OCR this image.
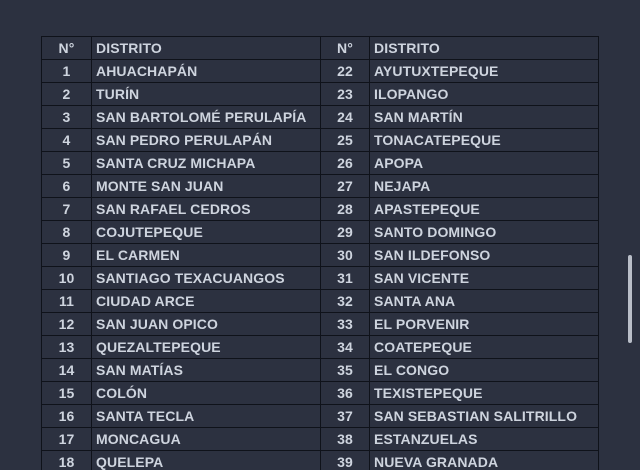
N°	DISTRITO	N°	DISTRITO
1	AHUACHAPÁN	22	AYUTUXTEPEQUE
2	TURÍN	23	ILOPANGO
3	SAN BARTOLOMÉ PERULAPÍA	24	SAN MARTÍN
4	SAN PEDRO PERULAPÁN	25	TONACATEPEQUE
5	SANTA CRUZ MICHAPA	26	APOPA
6	MONTE SAN JUAN	27	NEJAPA
7	SAN RAFAEL CEDROS	28	APASTEPEQUE
8	COJUTEPEQUE	29	SANTO DOMINGO
9	EL CARMEN	30	SAN ILDEFONSO
10	SANTIAGO TEXACUANGOS	31	SAN VICENTE
11	CIUDAD ARCE	32	SANTA ANA
12	SAN JUAN OPICO	33	EL PORVENIR
13	QUEZALTEPEQUE	34	COATEPEQUE
14	SAN MATÍAS	35	EL CONGO
15	COLÓN	36	TEXISTEPEQUE
16	SANTA TECLA	37	SAN SEBASTIAN SALITRILLO
17	MONCAGUA	38	ESTANZUELAS
18	QUELEPA	39	NUEVA GRANADA
